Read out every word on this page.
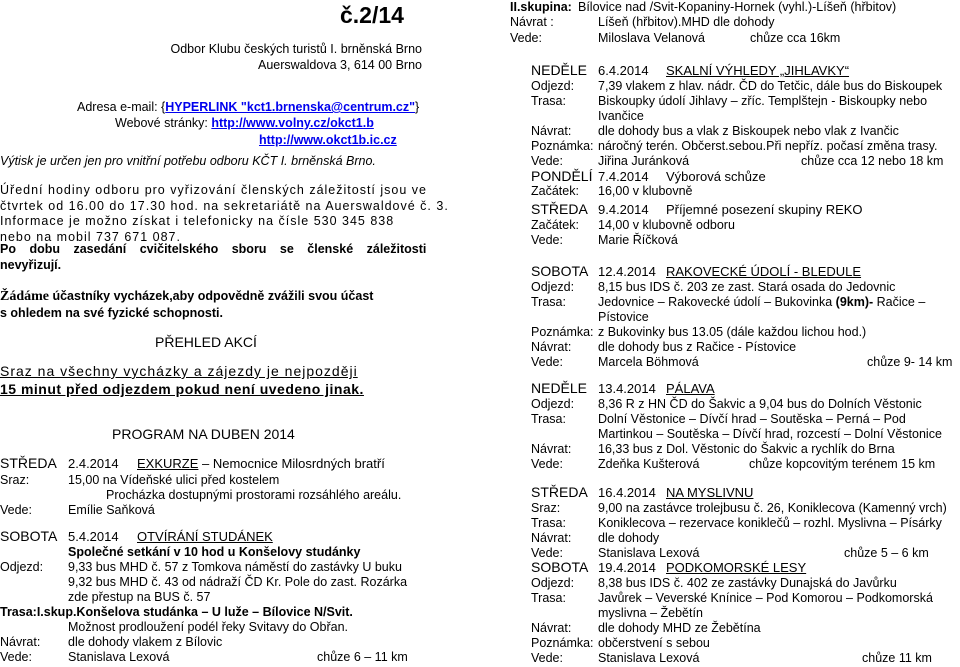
č.2/14
Odbor Klubu českých turistů I. brněnská Brno
Auerswaldova 3, 614 00 Brno
Adresa e-mail: {HYPERLINK "kct1.brnenska@centrum.cz"}
Webové stránky: http://www.volny.cz/okct1.b
http://www.okct1b.ic.cz
Výtisk je určen jen pro vnitřní potřebu odboru KČT I. brněnská Brno.
Úřední hodiny odboru pro vyřizování členských záležitostí jsou ve
čtvrtek od 16.00 do 17.30 hod. na sekretariátě na Auerswaldové č. 3.
Informace je možno získat i telefonicky na čísle 530 345 838
nebo na mobil 737 671 087.
Po dobu zasedání cvičitelského sboru se členské záležitosti
nevyřizují.
Žádáme účastníky vycházek,aby odpovědně zvážili svou účast
s ohledem na své fyzické schopnosti.
PŘEHLED AKCÍ
Sraz na všechny vycházky a zájezdy je nejpozději
15 minut před odjezdem pokud není uvedeno jinak.
PROGRAM NA DUBEN 2014
STŘEDA 2.4.2014 EXKURZE – Nemocnice Milosrdných bratří
Sraz:	15,00 na Vídeňské ulici před kostelem
Procházka dostupnými prostorami rozsáhlého areálu.
Vede:	Emílie Saňková
SOBOTA 5.4.2014 OTVÍRÁNÍ STUDÁNEK
Společné setkání v 10 hod u Konšelovy studánky
Odjezd: 9,33 bus MHD č. 57 z Tomkova náměstí do zastávky U buku
9,32 bus MHD č. 43 od nádraží ČD Kr. Pole do zast. Rozárka
zde přestup na BUS č. 57
Trasa:I.skup.Konšelova studánka – U lužе – Bílovice N/Svit.
Možnost prodloužení podél řeky Svitavy do Obřan.
Návrat: dle dohody vlakem z Bílovic
Vede:	Stanislava Lexová	chůze 6 – 11 km
II.skupina: Bílovice nad /Svit-Kopaniny-Hornek (vyhl.)-Líšeň (hřbitov)
Návrat :	Líšeň (hřbitov).MHD dle dohody
Vede:	Miloslava Velanová	chůze cca 16km
NEDĚLE 6.4.2014 SKALNÍ VÝHLEDY „JIHLAVKY“
Odjezd: 7,39 vlakem z hlav. nádr. ČD do Tetčic, dále bus do Biskoupek
Trasa:	Biskoupky údolí Jihlavy – zříc. Templštejn - Biskoupky nebo
Ivančice
Návrat: dle dohody bus a vlak z Biskoupek nebo vlak z Ivančic
Poznámka: náročný terén. Občerst.sebou.Při nepříz. počasí změna trasy.
Vede:	Jiřina Juránková	chůze cca 12 nebo 18 km
PONDĚLÍ 7.4.2014 Výborová schůze
Začátek: 16,00 v klubovně
STŘEDA 9.4.2014 Příjemné posezení skupiny REKO
Začátek: 14,00 v klubovně odboru
Vede:	Marie Říčková
SOBOTA 12.4.2014 RAKOVECKÉ ÚDOLÍ - BLEDULE
Odjezd: 8,15 bus IDS č. 203 ze zast. Stará osada do Jedovnic
Trasa:	Jedovnice – Rakovecké údolí – Bukovinka (9km)- Račice –
Pístovice
Poznámka: z Bukovinky bus 13.05 (dále každou lichou hod.)
Návrat: dle dohody bus z Račice - Pístovice
Vede:	Marcela Böhmová	chůze 9- 14 km
NEDĚLE 13.4.2014 PÁLAVA
Odjezd: 8,36 R z HN ČD do Šakvic a 9,04 bus do Dolních Věstonic
Trasa:	Dolní Věstonice – Dívčí hrad – Soutěska – Perná – Pod
Martinkou – Soutěska – Dívčí hrad, rozcestí – Dolní Věstonice
Návrat: 16,33 bus z Dol. Věstonic do Šakvic a rychlík do Brna
Vede:	Zdeňka Kušterová	chůze kopcovitým terénem 15 km
STŘEDA 16.4.2014 NA MYSLIVNU
Sraz:	9,00 na zastávce trolejbusu č. 26, Koniklecova (Kamenný vrch)
Trasa:	Koniklecova – rezervace koniklečů – rozhl. Myslivna – Písárky
Návrat: dle dohody
Vede:	Stanislava Lexová	chůze 5 – 6 km
SOBOTA 19.4.2014 PODKOMORSKÉ LESY
Odjezd: 8,38 bus IDS č. 402 ze zastávky Dunajská do Javůrku
Trasa:	Javůrek – Veverské Knínice – Pod Komorou – Podkomorská
myslivna – Žebětín
Návrat: dle dohody MHD ze Žebětína
Poznámka: občerstvení s sebou
Vede:	Stanislava Lexová	chůze 11 km
